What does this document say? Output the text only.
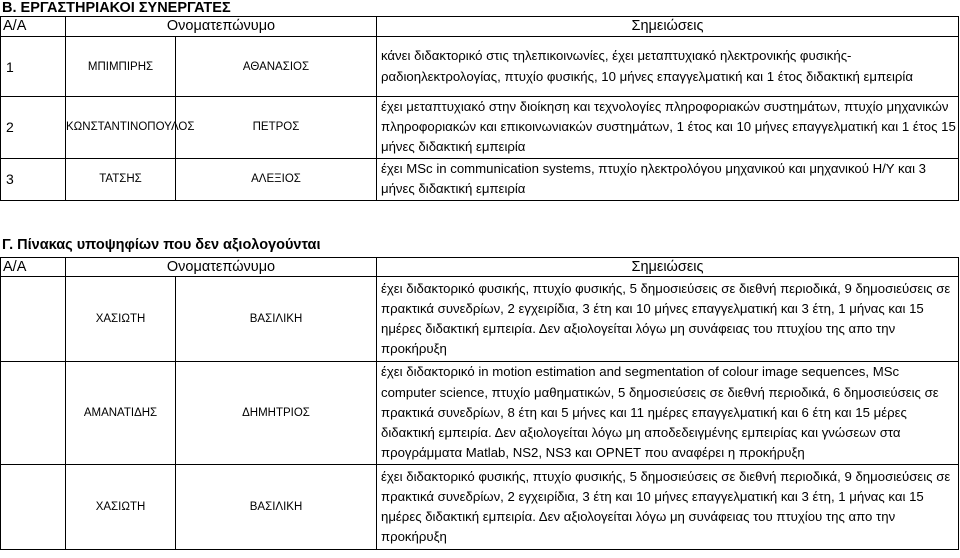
B. ΕΡΓΑΣΤΗΡΙΑΚΟΙ ΣΥΝΕΡΓΑΤΕΣ
Α/Α	Ονοματεπώνυμο		Σημειώσεις
1	ΜΠΙΜΠΙΡΗΣ	ΑΘΑΝΑΣΙΟΣ	κάνει διδακτορικό στις τηλεπικοινωνίες, έχει μεταπτυχιακό ηλεκτρονικής φυσικής-ραδιοηλεκτρολογίας, πτυχίο φυσικής, 10 μήνες επαγγελματική και 1 έτος διδακτική εμπειρία
2	ΚΩΝΣΤΑΝΤΙΝΟΠΟΥΛΟΣ	ΠΕΤΡΟΣ	έχει μεταπτυχιακό στην διοίκηση και τεχνολογίες πληροφοριακών συστημάτων, πτυχίο μηχανικών πληροφοριακών και επικοινωνιακών συστημάτων, 1 έτος και 10 μήνες επαγγελματική και 1 έτος 15 μήνες διδακτική εμπειρία
3	ΤΑΤΣΗΣ	ΑΛΕΞΙΟΣ	έχει MSc in communication systems, πτυχίο ηλεκτρολόγου μηχανικού και μηχανικού Η/Υ και 3 μήνες διδακτική εμπειρία
Γ. Πίνακας υποψηφίων που δεν αξιολογούνται
Α/Α	Ονοματεπώνυμο		Σημειώσεις
	ΧΑΣΙΩΤΗ	ΒΑΣΙΛΙΚΗ	έχει διδακτορικό φυσικής, πτυχίο φυσικής, 5 δημοσιεύσεις σε διεθνή περιοδικά, 9 δημοσιεύσεις σε πρακτικά συνεδρίων, 2 εγχειρίδια, 3 έτη και 10 μήνες επαγγελματική και 3 έτη, 1 μήνας και 15 ημέρες διδακτική εμπειρία. Δεν αξιολογείται λόγω μη συνάφειας του πτυχίου της απο την προκήρυξη
	ΑΜΑΝΑΤΙΔΗΣ	ΔΗΜΗΤΡΙΟΣ	έχει διδακτορικό in motion estimation and segmentation of colour image sequences, MSc computer science, πτυχίο μαθηματικών, 5 δημοσιεύσεις σε διεθνή περιοδικά, 6 δημοσιεύσεις σε πρακτικά συνεδρίων, 8 έτη και 5 μήνες και 11 ημέρες επαγγελματική και 6 έτη και 15 μέρες διδακτική εμπειρία. Δεν αξιολογείται λόγω μη αποδεδειγμένης εμπειρίας και γνώσεων στα προγράμματα Matlab, NS2, NS3 και OPNET που αναφέρει η προκήρυξη
	ΧΑΣΙΩΤΗ	ΒΑΣΙΛΙΚΗ	έχει διδακτορικό φυσικής, πτυχίο φυσικής, 5 δημοσιεύσεις σε διεθνή περιοδικά, 9 δημοσιεύσεις σε πρακτικά συνεδρίων, 2 εγχειρίδια, 3 έτη και 10 μήνες επαγγελματική και 3 έτη, 1 μήνας και 15 ημέρες διδακτική εμπειρία. Δεν αξιολογείται λόγω μη συνάφειας του πτυχίου της απο την προκήρυξη
